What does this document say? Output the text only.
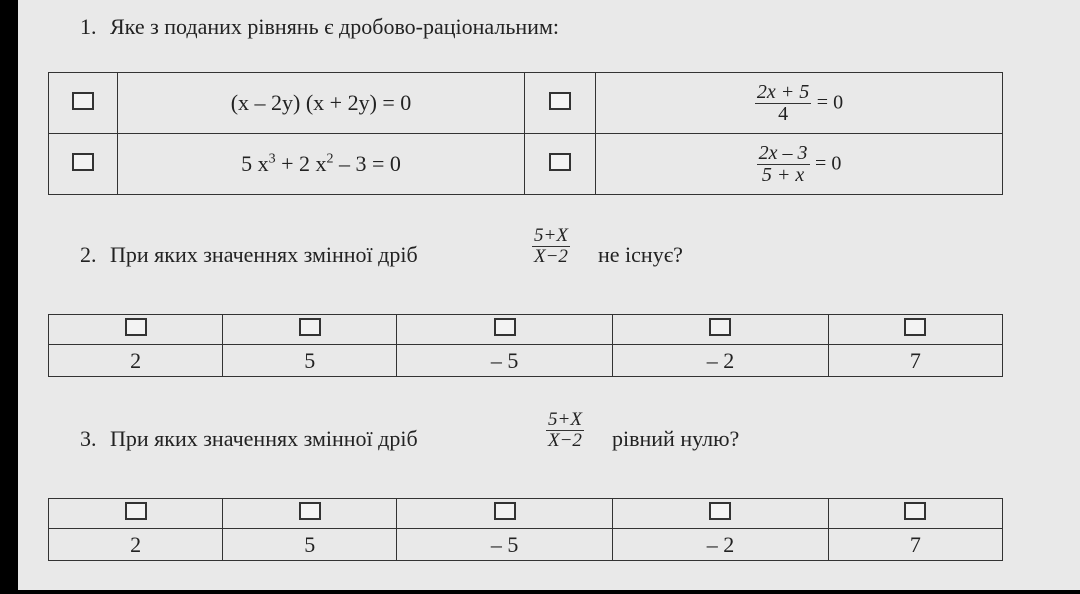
1. Яке з поданих рівнянь є дробово-раціональним:
	(x – 2y) (x + 2y) = 0		$\frac{2x + 5}{4} = 0$
	5 $x^3 + 2$ $x^2 - 3 = 0$		$\frac{2x - 3}{5 + x} = 0$
2. При яких значеннях змінної дріб	$\frac{5+X}{X-2}$ не існує?

2	5	– 5	– 2	7
3. При яких значеннях змінної дріб	$\frac{5+X}{X-2}$ рівний нулю?

2	5	– 5	– 2	7
